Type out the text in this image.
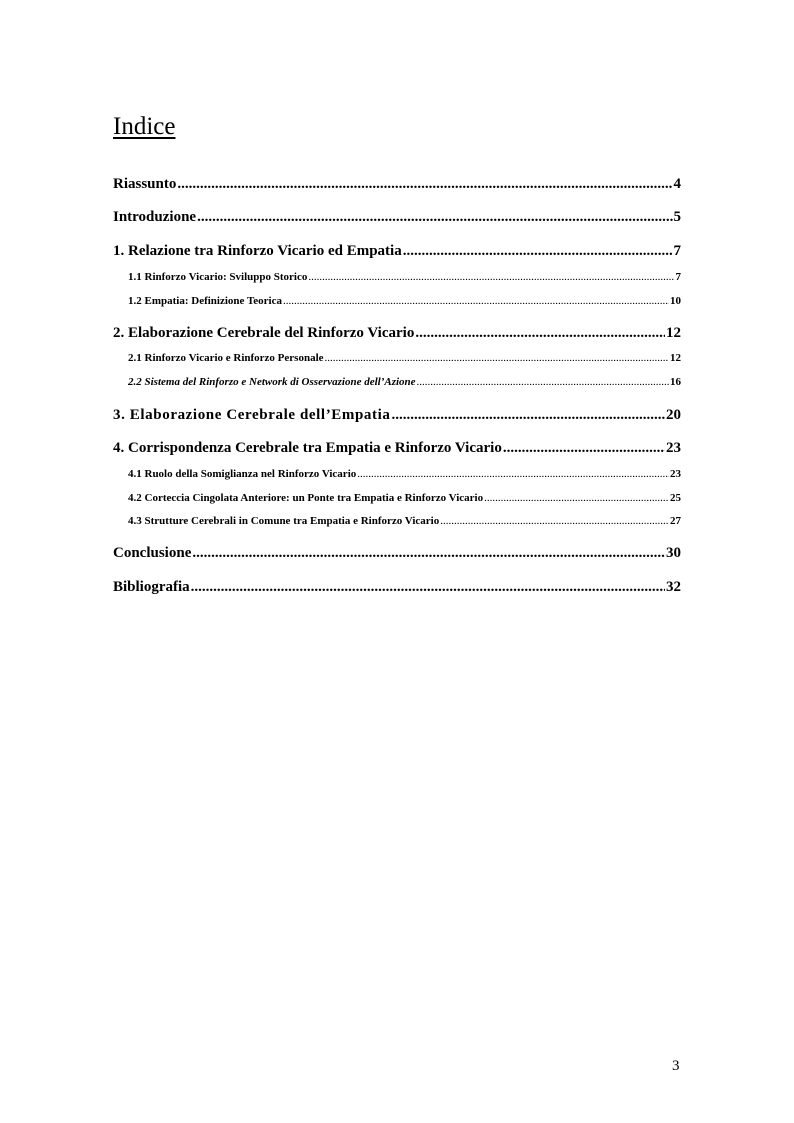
Indice
Riassunto .....	4
Introduzione .....	5
1. Relazione tra Rinforzo Vicario ed Empatia .....	7
1.1 Rinforzo Vicario: Sviluppo Storico .....	7
1.2 Empatia: Definizione Teorica .....	10
2. Elaborazione Cerebrale del Rinforzo Vicario .....	12
2.1 Rinforzo Vicario e Rinforzo Personale .....	12
2.2 Sistema del Rinforzo e Network di Osservazione dell’Azione .....	16
3. Elaborazione Cerebrale dell’Empatia .....	20
4. Corrispondenza Cerebrale tra Empatia e Rinforzo Vicario .....	23
4.1 Ruolo della Somiglianza nel Rinforzo Vicario .....	23
4.2 Corteccia Cingolata Anteriore: un Ponte tra Empatia e Rinforzo Vicario .....	25
4.3 Strutture Cerebrali in Comune tra Empatia e Rinforzo Vicario .....	27
Conclusione .....	30
Bibliografia .....	32
3
